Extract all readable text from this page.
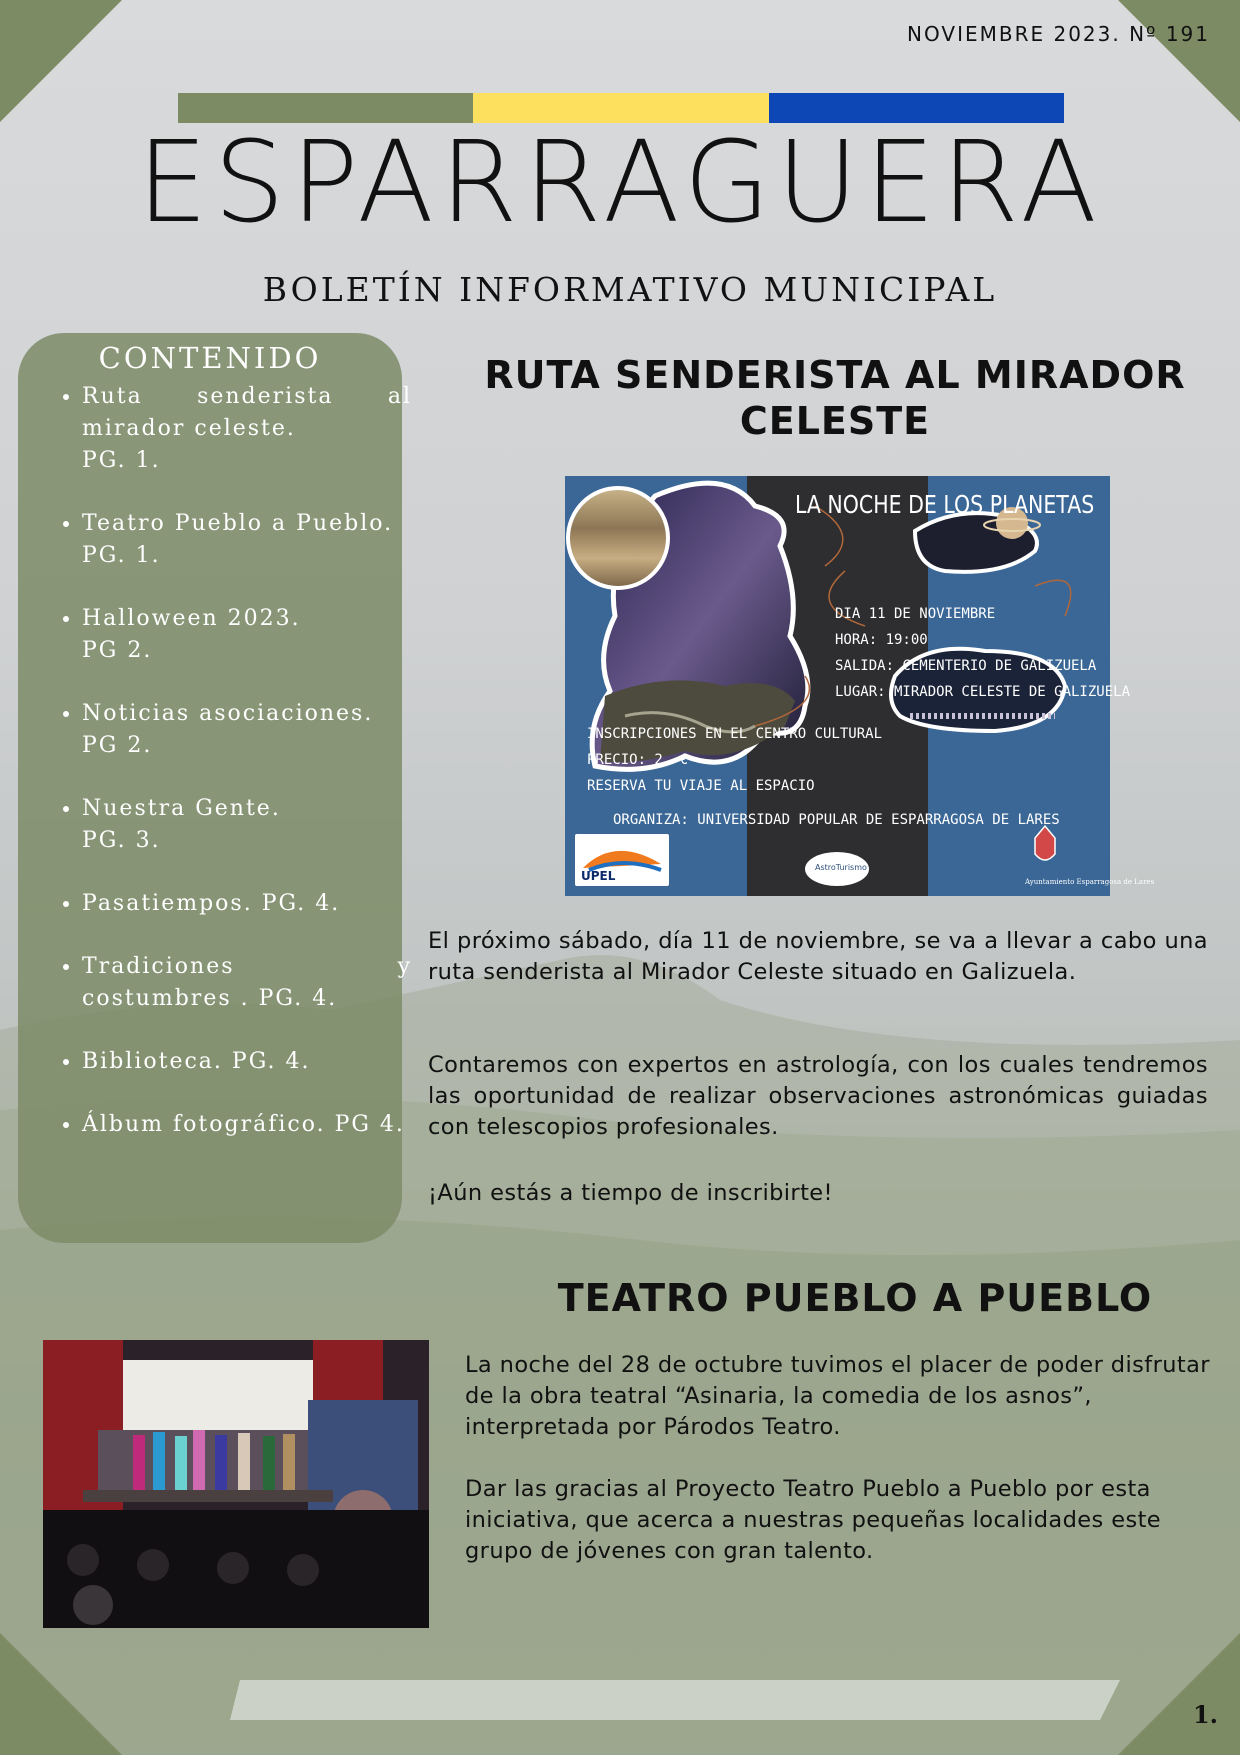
NOVIEMBRE 2023. Nº 191
ESPARRAGUERA
BOLETÍN INFORMATIVO MUNICIPAL
CONTENIDO
• Ruta senderista al mirador celeste.
PG. 1.
• Teatro Pueblo a Pueblo.
PG. 1.
• Halloween 2023.
PG 2.
• Noticias asociaciones.
PG 2.
• Nuestra Gente.
PG. 3.
• Pasatiempos. PG. 4.
• Tradiciones y costumbres . PG. 4.
• Biblioteca. PG. 4.
• Álbum fotográfico. PG 4.
RUTA SENDERISTA AL MIRADOR CELESTE
LA NOCHE DE LOS PLANETAS
DIA 11 DE NOVIEMBRE
HORA: 19:00
SALIDA: CEMENTERIO DE GALIZUELA
LUGAR: MIRADOR CELESTE DE GALIZUELA
INSCRIPCIONES EN EL CENTRO CULTURAL
PRECIO: 2.-€
RESERVA TU VIAJE AL ESPACIO
ORGANIZA: UNIVERSIDAD POPULAR DE ESPARRAGOSA DE LARES
UPEL
AstroTurismo
Ayuntamiento Esparragosa de Lares
El próximo sábado, día 11 de noviembre, se va a llevar a cabo una ruta senderista al Mirador Celeste situado en Galizuela.
Contaremos con expertos en astrología, con los cuales tendremos las oportunidad de realizar observaciones astronómicas guiadas con telescopios profesionales.
¡Aún estás a tiempo de inscribirte!
TEATRO PUEBLO A PUEBLO
La noche del 28 de octubre tuvimos el placer de poder disfrutar de la obra teatral “Asinaria, la comedia de los asnos”, interpretada por Párodos Teatro.
Dar las gracias al Proyecto Teatro Pueblo a Pueblo por esta iniciativa, que acerca a nuestras pequeñas localidades este grupo de jóvenes con gran talento.
1.
